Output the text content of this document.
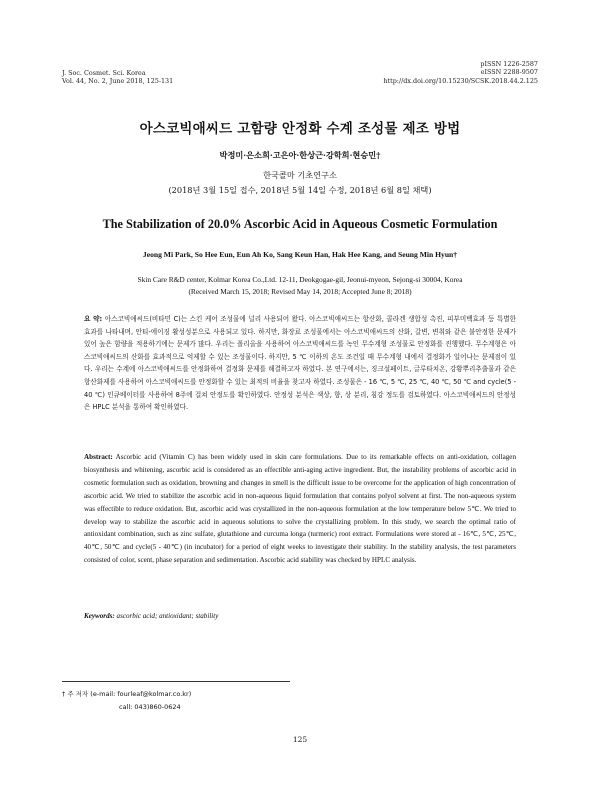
J. Soc. Cosmet. Sci. Korea
Vol. 44, No. 2, June 2018, 125-131
pISSN 1226-2587
eISSN 2288-9507
http://dx.doi.org/10.15230/SCSK.2018.44.2.125
아스코빅애씨드 고함량 안정화 수계 조성물 제조 방법
박정미·은소희·고은아·한상근·강학희·현승민†
한국콜마 기초연구소
(2018년 3월 15일 접수, 2018년 5월 14일 수정, 2018년 6월 8일 채택)
The Stabilization of 20.0% Ascorbic Acid in Aqueous Cosmetic Formulation
Jeong Mi Park, So Hee Eun, Eun Ah Ko, Sang Keun Han, Hak Hee Kang, and Seung Min Hyun†
Skin Care R&D center, Kolmar Korea Co.,Ltd. 12-11, Deokgogae-gil, Jeonui-myeon, Sejong-si 30004, Korea
(Received March 15, 2018; Revised May 14, 2018; Accepted June 8; 2018)
요 약: 아스코빅애씨드(비타민 C)는 스킨 케어 조성물에 널리 사용되어 왔다. 아스코빅애씨드는 항산화, 콜라겐 생합성 촉진, 피부미백효과 등 특별한 효과를 나타내며, 안티-에이징 활성성분으로 사용되고 있다. 하지만, 화장료 조성물에서는 아스코빅애씨드의 산화, 갈변, 변취와 같은 불안정한 문제가 있어 높은 함량을 적용하기에는 문제가 많다. 우리는 폴리올을 사용하여 아스코빅애씨드를 녹인 무수계형 조성물로 안정화를 진행했다. 무수계형은 아스코빅애씨드의 산화를 효과적으로 억제할 수 있는 조성물이다. 하지만, 5 ℃ 이하의 온도 조건일 때 무수계형 내에서 결정화가 일어나는 문제점이 있다. 우리는 수계에 아스코빅애씨드를 안정화하여 결정화 문제를 해결하고자 하였다. 본 연구에서는, 징크설페이트, 글루타치온, 강황뿌리추출물과 같은 항산화제를 사용하여 아스코빅애씨드를 안정화할 수 있는 최적의 비율을 찾고자 하였다. 조성물은 - 16 ℃, 5 ℃, 25 ℃, 40 ℃, 50 ℃ and cycle(5 - 40 ℃) 인큐베이터를 사용하여 8주에 걸쳐 안정도를 확인하였다. 안정성 분석은 색상, 향, 상 분리, 침강 정도를 검토하였다. 아스코빅애씨드의 안정성은 HPLC 분석을 통하여 확인하였다.
Abstract: Ascorbic acid (Vitamin C) has been widely used in skin care formulations. Due to its remarkable effects on anti-oxidation, collagen biosynthesis and whitening, ascorbic acid is considered as an effectible anti-aging active ingredient. But, the instability problems of ascorbic acid in cosmetic formulation such as oxidation, browning and changes in smell is the difficult issue to be overcome for the application of high concentration of ascorbic acid. We tried to stabilize the ascorbic acid in non-aqueous liquid formulation that contains polyol solvent at first. The non-aqueous system was effectible to reduce oxidation. But, ascorbic acid was crystallized in the non-aqueous formulation at the low temperature below 5℃. We tried to develop way to stabilize the ascorbic acid in aqueous solutions to solve the crystallizing problem. In this study, we search the optimal ratio of antioxidant combination, such as zinc sulfate, glutathione and curcuma longa (turmeric) root extract. Formulations were stored at - 16℃, 5℃, 25℃, 40℃, 50℃ and cycle(5 - 40℃) (in incubator) for a period of eight weeks to investigate their stability. In the stability analysis, the test parameters consisted of color, scent, phase separation and sedimentation. Ascorbic acid stability was checked by HPLC analysis.
Keywords: ascorbic acid; antioxidant; stability
† 주 저자 (e-mail: fourleaf@kolmar.co.kr)
call: 043)860-0624
125
